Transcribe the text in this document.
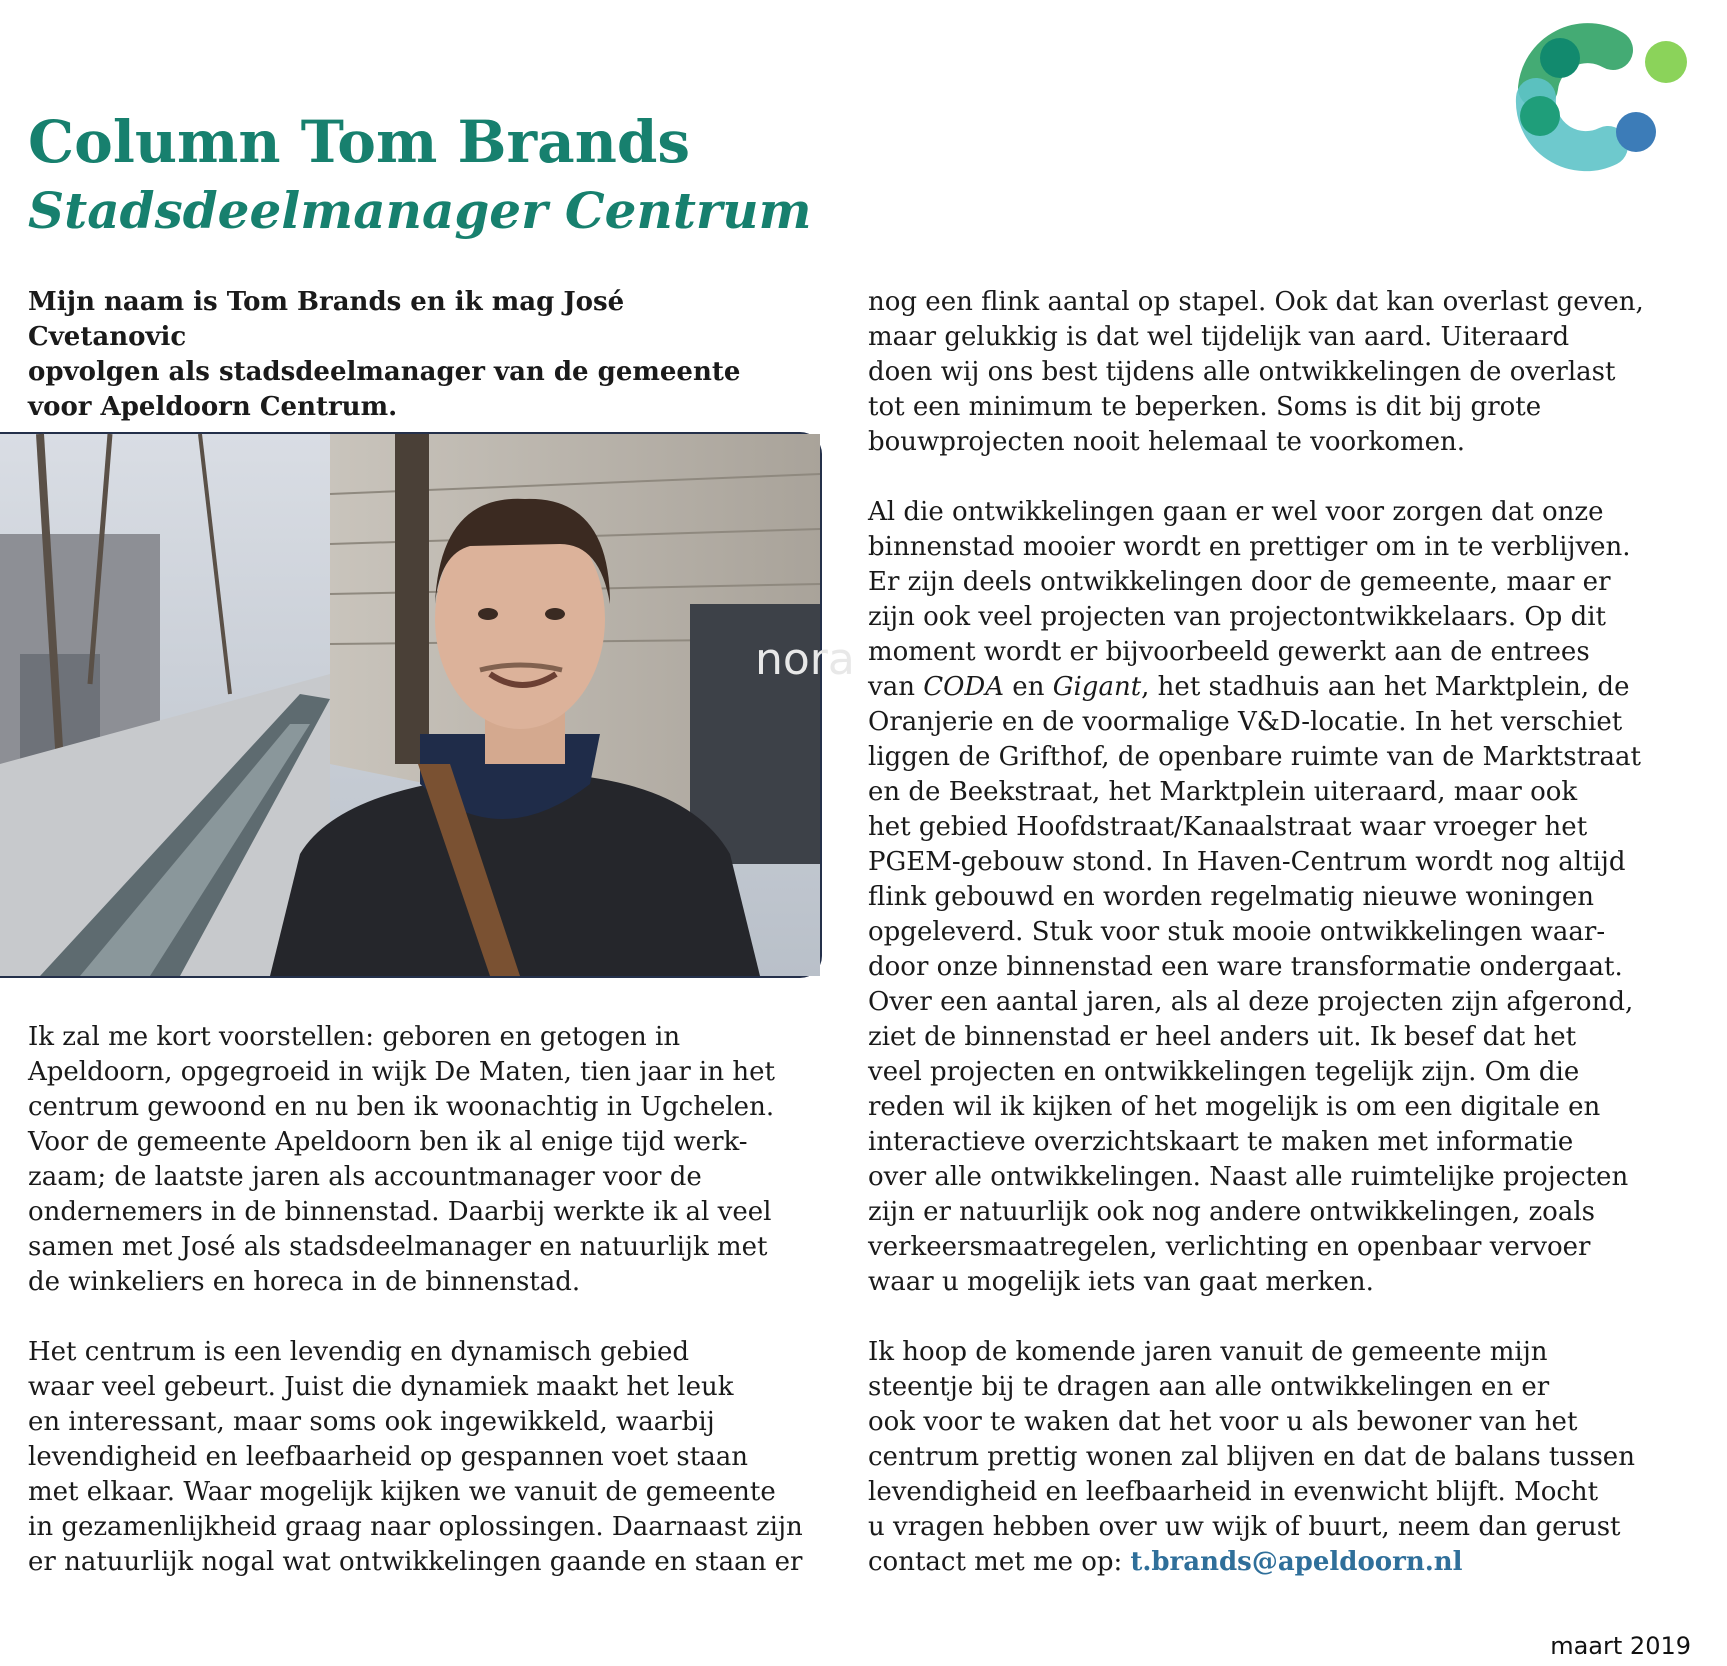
Column Tom Brands
Stadsdeelmanager Centrum

Mijn naam is Tom Brands en ik mag José Cvetanovic
opvolgen als stadsdeelmanager van de gemeente
voor Apeldoorn Centrum.

nora

Ik zal me kort voorstellen: geboren en getogen in
Apeldoorn, opgegroeid in wijk De Maten, tien jaar in het
centrum gewoond en nu ben ik woonachtig in Ugchelen.
Voor de gemeente Apeldoorn ben ik al enige tijd werk-
zaam; de laatste jaren als accountmanager voor de
ondernemers in de binnenstad. Daarbij werkte ik al veel
samen met José als stadsdeelmanager en natuurlijk met
de winkeliers en horeca in de binnenstad.

Het centrum is een levendig en dynamisch gebied
waar veel gebeurt. Juist die dynamiek maakt het leuk
en interessant, maar soms ook ingewikkeld, waarbij
levendigheid en leefbaarheid op gespannen voet staan
met elkaar. Waar mogelijk kijken we vanuit de gemeente
in gezamenlijkheid graag naar oplossingen. Daarnaast zijn
er natuurlijk nogal wat ontwikkelingen gaande en staan er

nog een flink aantal op stapel. Ook dat kan overlast geven,
maar gelukkig is dat wel tijdelijk van aard. Uiteraard
doen wij ons best tijdens alle ontwikkelingen de overlast
tot een minimum te beperken. Soms is dit bij grote
bouwprojecten nooit helemaal te voorkomen.

Al die ontwikkelingen gaan er wel voor zorgen dat onze
binnenstad mooier wordt en prettiger om in te verblijven.
Er zijn deels ontwikkelingen door de gemeente, maar er
zijn ook veel projecten van projectontwikkelaars. Op dit
moment wordt er bijvoorbeeld gewerkt aan de entrees
van CODA en Gigant, het stadhuis aan het Marktplein, de
Oranjerie en de voormalige V&D-locatie. In het verschiet
liggen de Grifthof, de openbare ruimte van de Marktstraat
en de Beekstraat, het Marktplein uiteraard, maar ook
het gebied Hoofdstraat/Kanaalstraat waar vroeger het
PGEM-gebouw stond. In Haven-Centrum wordt nog altijd
flink gebouwd en worden regelmatig nieuwe woningen
opgeleverd. Stuk voor stuk mooie ontwikkelingen waar-
door onze binnenstad een ware transformatie ondergaat.
Over een aantal jaren, als al deze projecten zijn afgerond,
ziet de binnenstad er heel anders uit. Ik besef dat het
veel projecten en ontwikkelingen tegelijk zijn. Om die
reden wil ik kijken of het mogelijk is om een digitale en
interactieve overzichtskaart te maken met informatie
over alle ontwikkelingen. Naast alle ruimtelijke projecten
zijn er natuurlijk ook nog andere ontwikkelingen, zoals
verkeersmaatregelen, verlichting en openbaar vervoer
waar u mogelijk iets van gaat merken.

Ik hoop de komende jaren vanuit de gemeente mijn
steentje bij te dragen aan alle ontwikkelingen en er
ook voor te waken dat het voor u als bewoner van het
centrum prettig wonen zal blijven en dat de balans tussen
levendigheid en leefbaarheid in evenwicht blijft. Mocht
u vragen hebben over uw wijk of buurt, neem dan gerust
contact met me op: t.brands@apeldoorn.nl

maart 2019
